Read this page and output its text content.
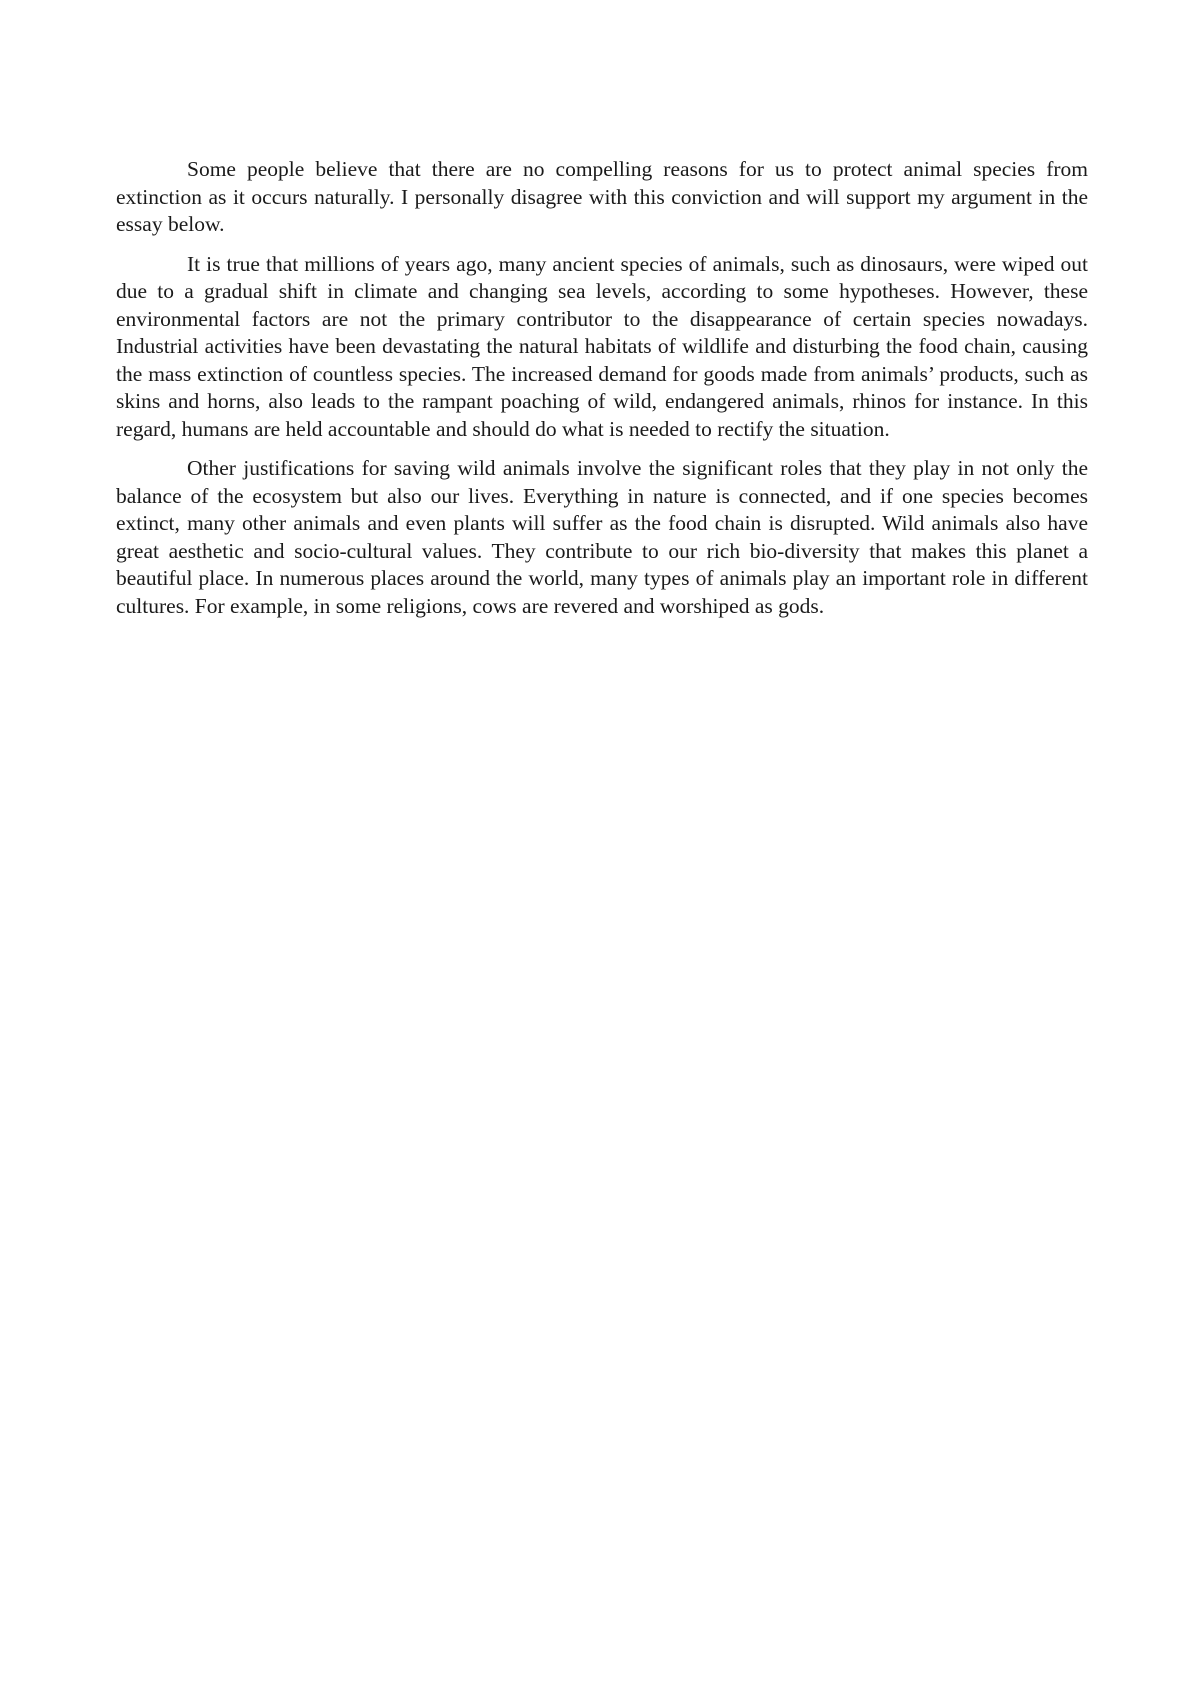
Some people believe that there are no compelling reasons for us to protect animal species from extinction as it occurs naturally. I personally disagree with this conviction and will support my argument in the essay below.

It is true that millions of years ago, many ancient species of animals, such as dinosaurs, were wiped out due to a gradual shift in climate and changing sea levels, according to some hypotheses. However, these environmental factors are not the primary contributor to the disappearance of certain species nowadays. Industrial activities have been devastating the natural habitats of wildlife and disturbing the food chain, causing the mass extinction of countless species. The increased demand for goods made from animals’ products, such as skins and horns, also leads to the rampant poaching of wild, endangered animals, rhinos for instance. In this regard, humans are held accountable and should do what is needed to rectify the situation.

Other justifications for saving wild animals involve the significant roles that they play in not only the balance of the ecosystem but also our lives. Everything in nature is connected, and if one species becomes extinct, many other animals and even plants will suffer as the food chain is disrupted. Wild animals also have great aesthetic and socio-cultural values. They contribute to our rich bio-diversity that makes this planet a beautiful place. In numerous places around the world, many types of animals play an important role in different cultures. For example, in some religions, cows are revered and worshiped as gods.
